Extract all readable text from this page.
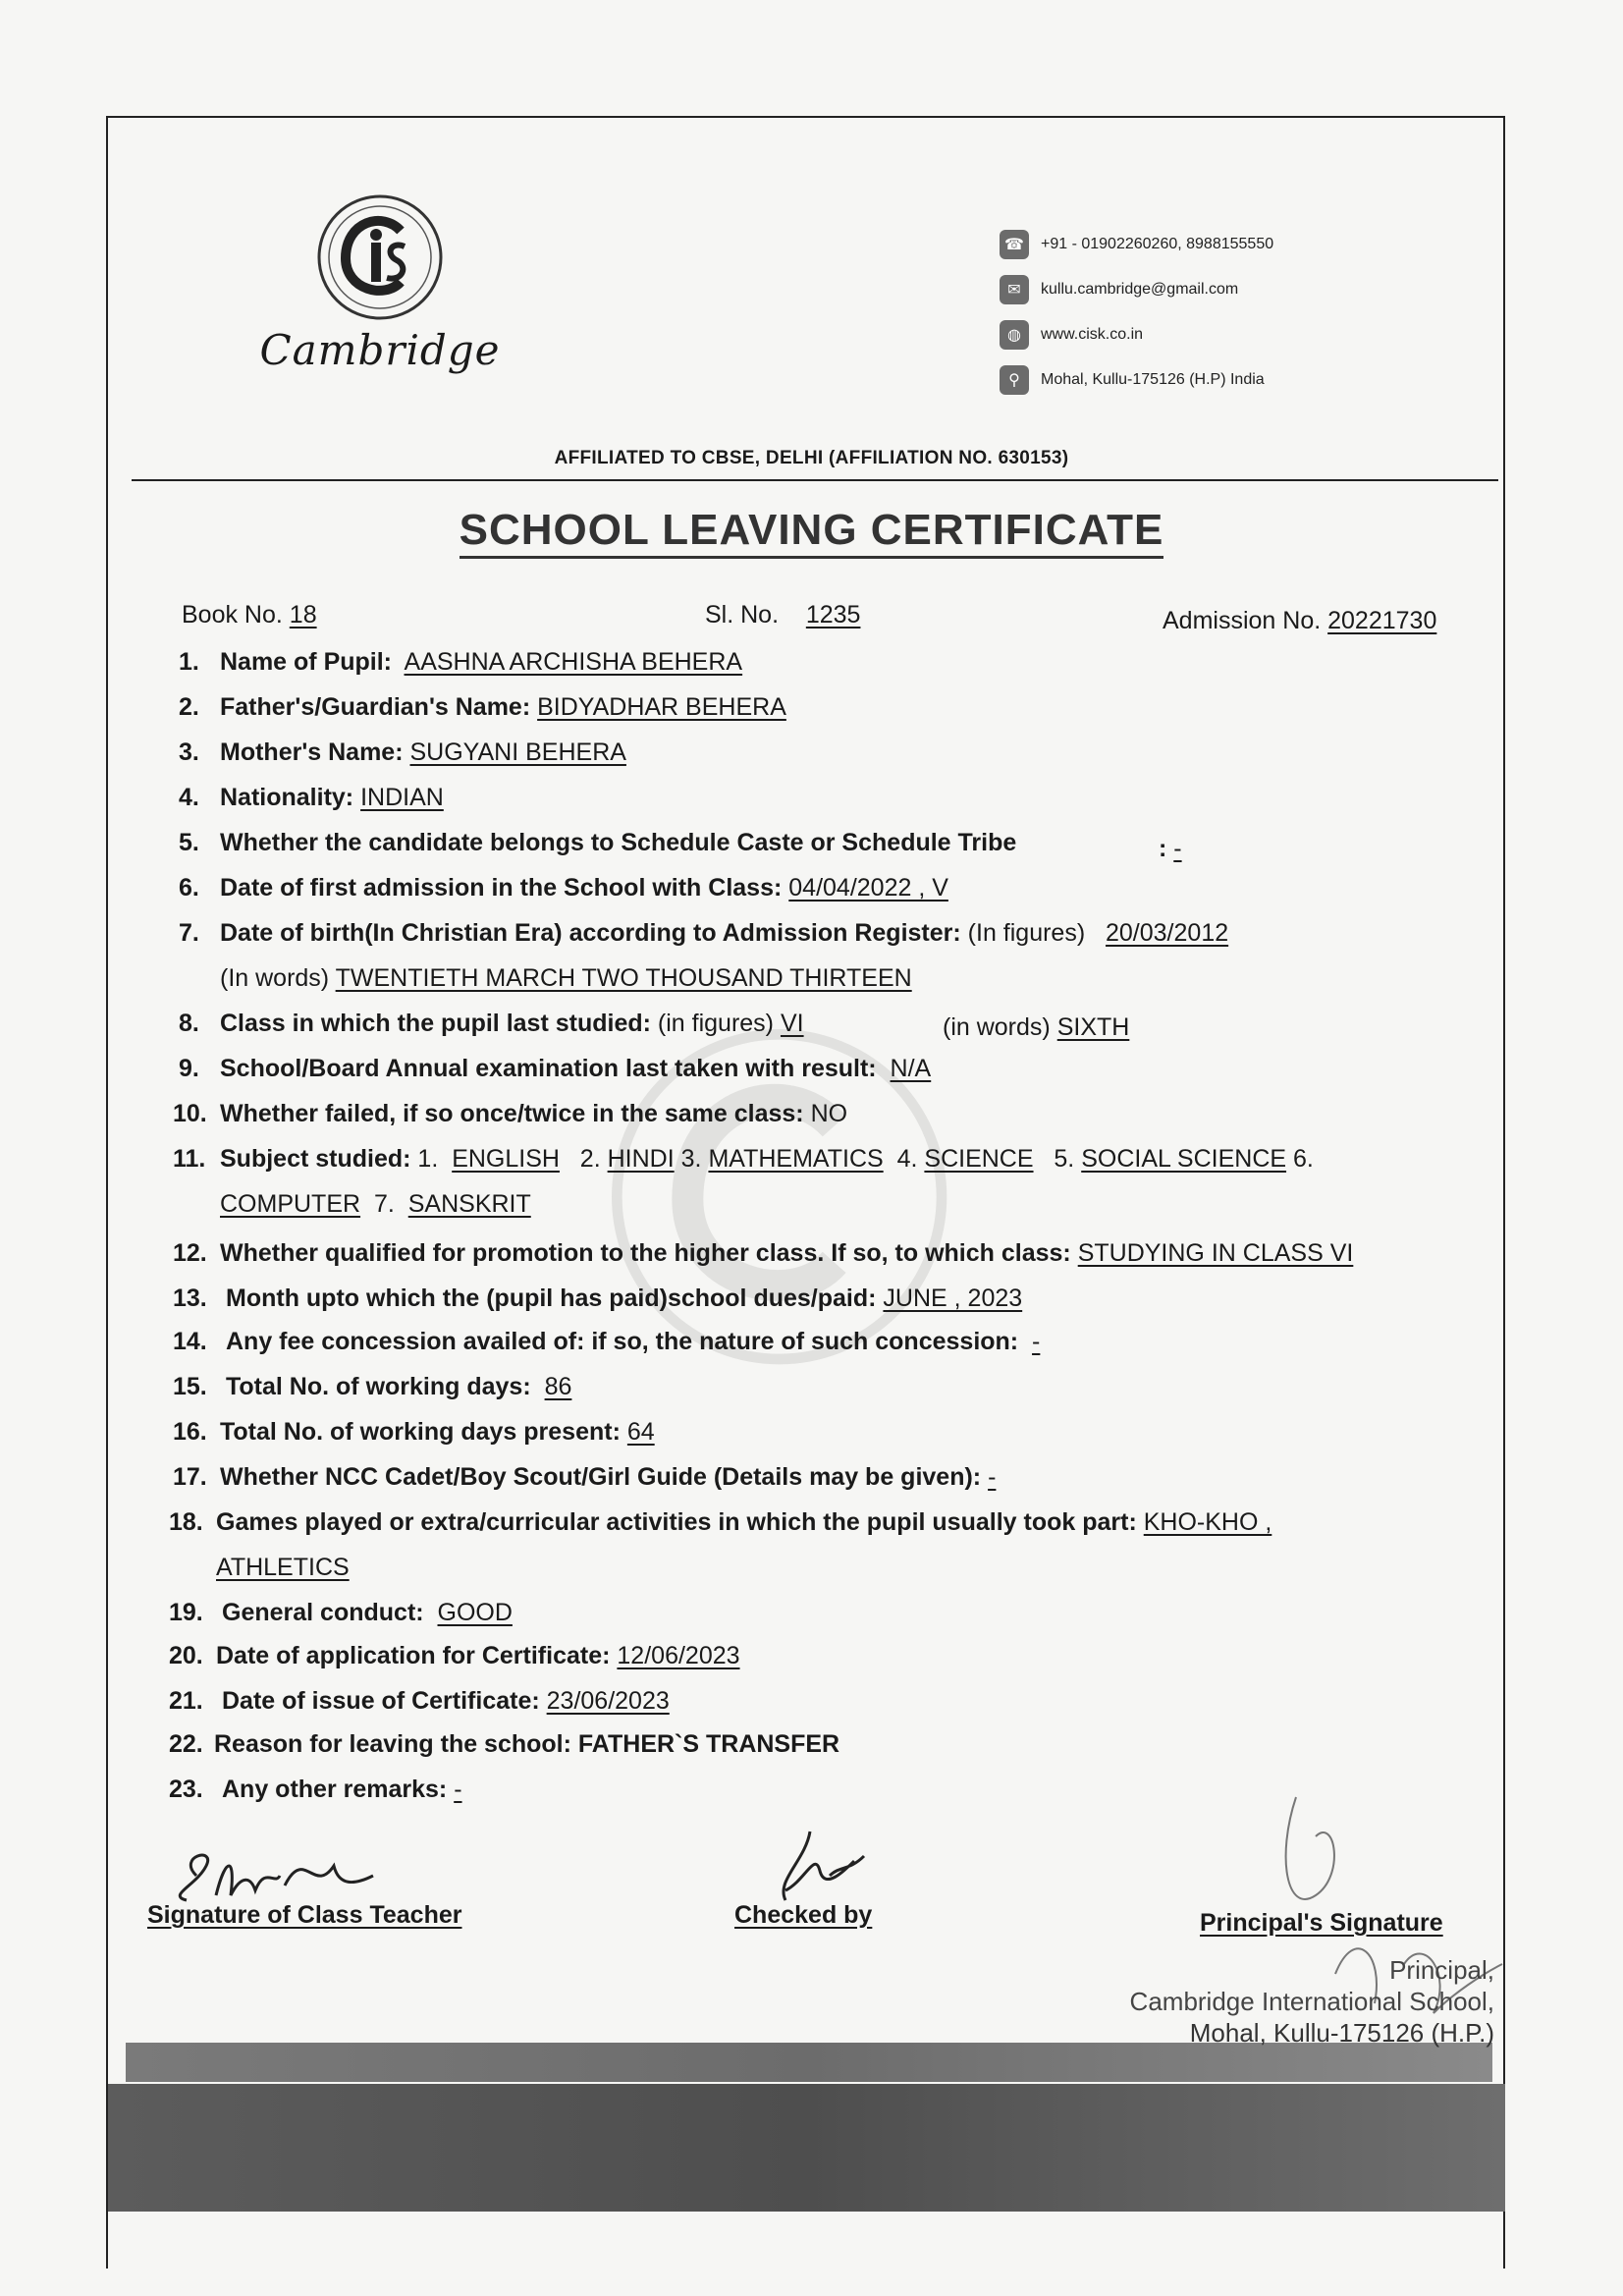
Cambridge
☎	+91 - 01902260260, 8988155550
✉	kullu.cambridge@gmail.com
◍	www.cisk.co.in
⚲	Mohal, Kullu-175126 (H.P) India
AFFILIATED TO CBSE, DELHI (AFFILIATION NO. 630153)
SCHOOL LEAVING CERTIFICATE
Book No. 18	Sl. No. 1235	Admission No. 20221730
1. Name of Pupil: AASHNA ARCHISHA BEHERA
2. Father's/Guardian's Name: BIDYADHAR BEHERA
3. Mother's Name: SUGYANI BEHERA
4. Nationality: INDIAN
5. Whether the candidate belongs to Schedule Caste or Schedule Tribe	: -
6. Date of first admission in the School with Class: 04/04/2022 , V
7. Date of birth(In Christian Era) according to Admission Register: (In figures) 20/03/2012
(In words) TWENTIETH MARCH TWO THOUSAND THIRTEEN
8. Class in which the pupil last studied: (in figures) VI	(in words) SIXTH
9. School/Board Annual examination last taken with result: N/A
10. Whether failed, if so once/twice in the same class: NO
11. Subject studied: 1. ENGLISH 2. HINDI 3. MATHEMATICS 4. SCIENCE 5. SOCIAL SCIENCE 6.
COMPUTER 7. SANSKRIT
12. Whether qualified for promotion to the higher class. If so, to which class: STUDYING IN CLASS VI
13. Month upto which the (pupil has paid)school dues/paid: JUNE , 2023
14. Any fee concession availed of: if so, the nature of such concession: -
15. Total No. of working days: 86
16. Total No. of working days present: 64
17. Whether NCC Cadet/Boy Scout/Girl Guide (Details may be given): -
18. Games played or extra/curricular activities in which the pupil usually took part: KHO-KHO ,
ATHLETICS
19. General conduct: GOOD
20. Date of application for Certificate: 12/06/2023
21. Date of issue of Certificate: 23/06/2023
22. Reason for leaving the school: FATHER`S TRANSFER
23. Any other remarks: -
Signature of Class Teacher	Checked by	Principal's Signature
Principal,
Cambridge International School,
Mohal, Kullu-175126 (H.P.)
